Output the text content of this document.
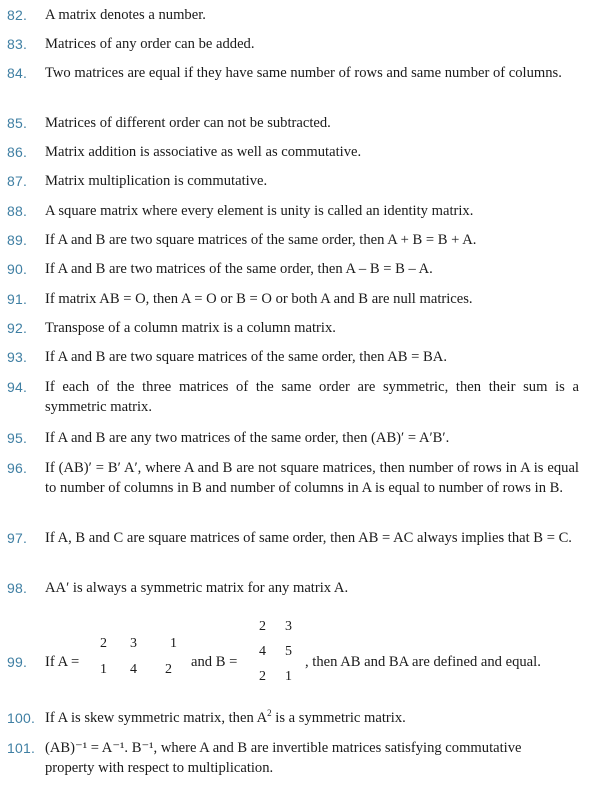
82. A matrix denotes a number.
83. Matrices of any order can be added.
84. Two matrices are equal if they have same number of rows and same number of columns.
85. Matrices of different order can not be subtracted.
86. Matrix addition is associative as well as commutative.
87. Matrix multiplication is commutative.
88. A square matrix where every element is unity is called an identity matrix.
89. If A and B are two square matrices of the same order, then A + B = B + A.
90. If A and B are two matrices of the same order, then A – B = B – A.
91. If matrix AB = O, then A = O or B = O or both A and B are null matrices.
92. Transpose of a column matrix is a column matrix.
93. If A and B are two square matrices of the same order, then AB = BA.
94. If each of the three matrices of the same order are symmetric, then their sum is a symmetric matrix.
95. If A and B are any two matrices of the same order, then (AB)′ = A′B′.
96. If (AB)′ = B′ A′, where A and B are not square matrices, then number of rows in A is equal to number of columns in B and number of columns in A is equal to number of rows in B.
97. If A, B and C are square matrices of same order, then AB = AC always implies that B = C.
98. AA′ is always a symmetric matrix for any matrix A.
99. If A =	and B =	, then AB and BA are defined and equal.
2 3 1
1 4 2
2 3
4 5
2 1
100. If A is skew symmetric matrix, then $A^2$ is a symmetric matrix.
101. (AB)⁻¹ = A⁻¹. B⁻¹, where A and B are invertible matrices satisfying commutative
property with respect to multiplication.
